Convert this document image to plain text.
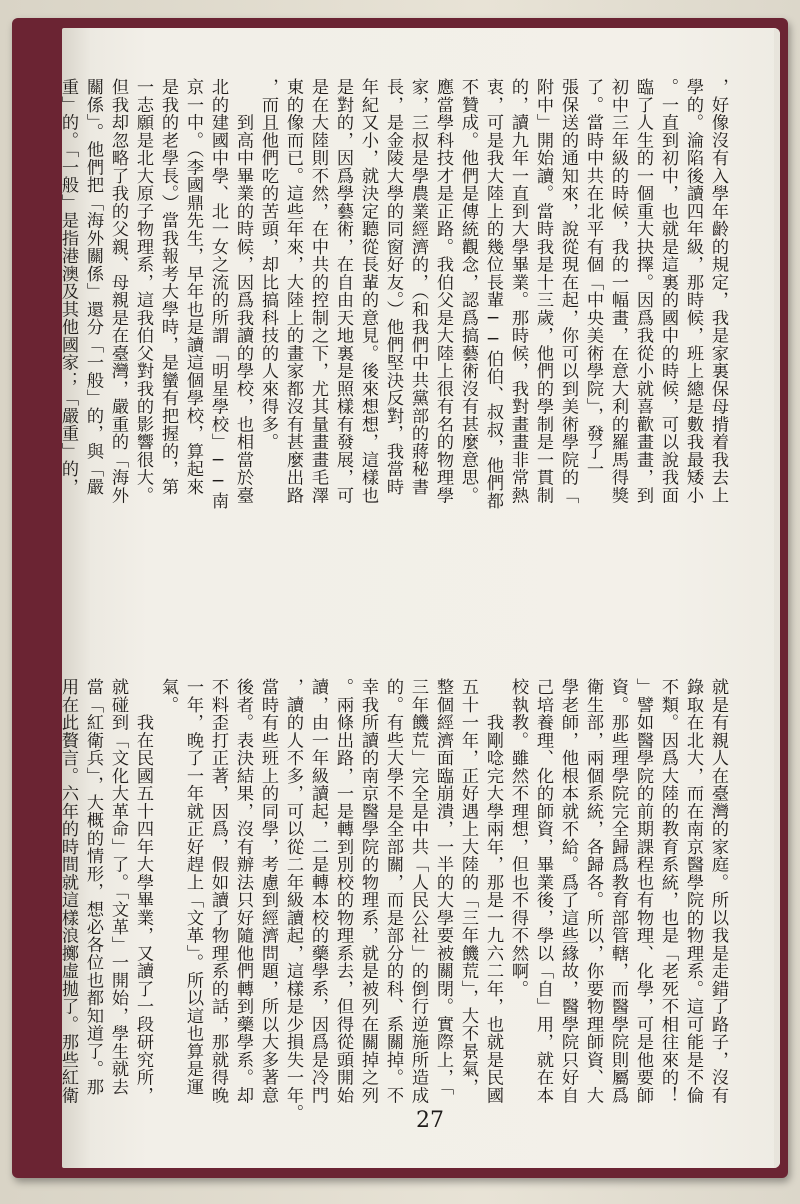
，好像沒有入學年齡的規定，我是家裏保母揹着我去上
學的。淪陷後讀四年級，那時候，班上總是數我最矮小
。一直到初中，也就是這裏的國中的時候，可以說我面
臨了人生的一個重大抉擇。因爲我從小就喜歡畫畫，到
初中三年級的時候，我的一幅畫，在意大利的羅馬得獎
了。當時中共在北平有個「中央美術學院」，發了一
張保送的通知來，說從現在起，你可以到美術學院的「
附中」開始讀。當時我是十三歲，他們的學制是一貫制
的，讀九年一直到大學畢業。那時候，我對畫畫非常熱
衷，可是我大陸上的幾位長輩──伯伯、叔叔，他們都
不贊成。他們是傳統觀念，認爲搞藝術沒有甚麼意思。
應當學科技才是正路。我伯父是大陸上很有名的物理學
家，三叔是學農業經濟的，（和我們中共黨部的蔣秘書
長，是金陵大學的同窗好友。）他們堅決反對，我當時
年紀又小，就決定聽從長輩的意見。後來想想，這樣也
是對的，因爲學藝術，在自由天地裏是照樣有發展，可
是在大陸則不然，在中共的控制之下，尤其量畫畫毛澤
東的像而已。這些年來，大陸上的畫家都沒有甚麼出路
，而且他們吃的苦頭，却比搞科技的人來得多。
　　到高中畢業的時候，因爲我讀的學校，也相當於臺
北的建國中學、北一女之流的所謂「明星學校」──南
京一中。（李國鼎先生，早年也是讀這個學校，算起來
是我的老學長。）當我報考大學時，是蠻有把握的，第
一志願是北大原子物理系，這我伯父對我的影響很大。
但我却忽略了我的父親、母親是在臺灣，嚴重的「海外
關係」。他們把「海外關係」還分「一般」的，與「嚴
重」的。「一般」是指港澳及其他國家；「嚴重」的，
就是有親人在臺灣的家庭。所以我是走錯了路子，沒有
錄取在北大，而在南京醫學院的物理系。這可能是不倫
不類。因爲大陸的教育系統，也是「老死不相往來的！
」譬如醫學院的前期課程也有物理、化學，可是他要師
資。那些理學院完全歸爲教育部管轄，而醫學院則屬爲
衛生部，兩個系統，各歸各。所以，你要物理師資、大
學老師，他根本就不給。爲了這些緣故，醫學院只好自
己培養理、化的師資，畢業後，學以「自」用，就在本
校執教。雖然不理想，但也不得不然啊。
　　我剛唸完大學兩年，那是一九六二年，也就是民國
五十一年，正好遇上大陸的「三年饑荒」，大不景氣，
整個經濟面臨崩潰，一半的大學要被關閉。實際上，「
三年饑荒」完全是中共「人民公社」的倒行逆施所造成
的。有些大學不是全部關，而是部分的科、系關掉。不
幸我所讀的南京醫學院的物理系，就是被列在關掉之列
。兩條出路，一是轉到別校的物理系去，但得從頭開始
讀，由一年級讀起，二是轉本校的藥學系，因爲是冷門
，讀的人不多，可以從二年級讀起，這樣是少損失一年。
當時有些班上的同學，考慮到經濟問題，所以大多著意
後者。表決結果，沒有辦法只好隨他們轉到藥學系。却
不料歪打正著，因爲，假如讀了物理系的話，那就得晚
一年，晚了一年就正好趕上「文革」。所以這也算是運
氣。
　　我在民國五十四年大學畢業，又讀了一段研究所，
就碰到「文化大革命」了。「文革」一開始，學生就去
當「紅衛兵」，大概的情形，想必各位也都知道了。那
用在此贅言。六年的時間就這樣浪擲虛拋了。那些紅衛
27
